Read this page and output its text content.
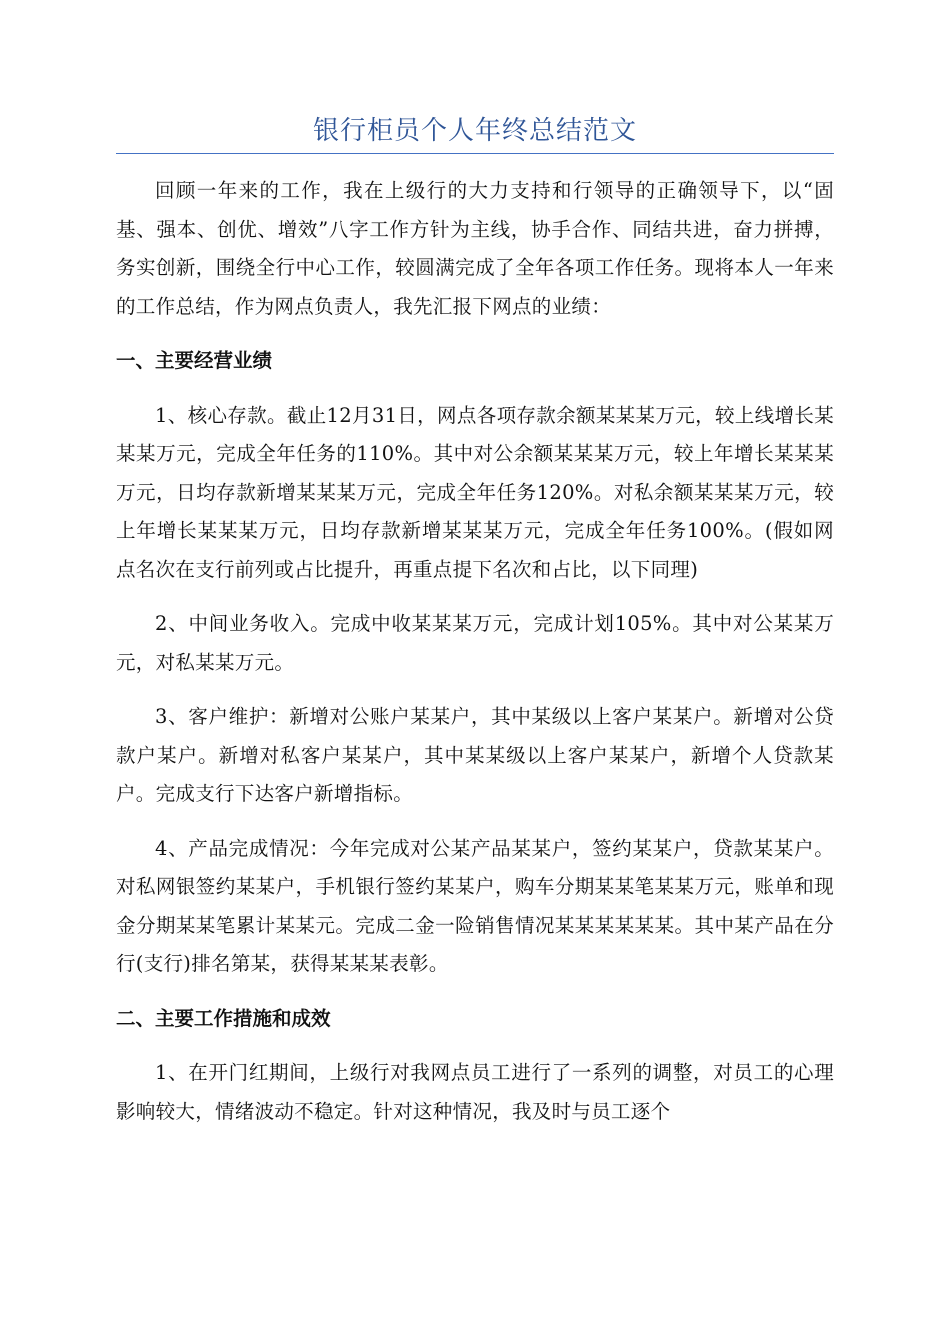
银行柜员个人年终总结范文

回顾一年来的工作，我在上级行的大力支持和行领导的正确领导下，以“固基、强本、创优、增效”八字工作方针为主线，协手合作、同结共进，奋力拼搏，务实创新，围绕全行中心工作，较圆满完成了全年各项工作任务。现将本人一年来的工作总结，作为网点负责人，我先汇报下网点的业绩：

一、主要经营业绩

1、核心存款。截止12月31日，网点各项存款余额某某某万元，较上线增长某某某万元，完成全年任务的110%。其中对公余额某某某万元，较上年增长某某某万元，日均存款新增某某某万元，完成全年任务120%。对私余额某某某万元，较上年增长某某某万元，日均存款新增某某某万元，完成全年任务100%。(假如网点名次在支行前列或占比提升，再重点提下名次和占比，以下同理)

2、中间业务收入。完成中收某某某万元，完成计划105%。其中对公某某万元，对私某某万元。

3、客户维护：新增对公账户某某户，其中某级以上客户某某户。新增对公贷款户某户。新增对私客户某某户，其中某某级以上客户某某户，新增个人贷款某户。完成支行下达客户新增指标。

4、产品完成情况：今年完成对公某产品某某户，签约某某户，贷款某某户。对私网银签约某某户，手机银行签约某某户，购车分期某某笔某某万元，账单和现金分期某某笔累计某某元。完成二金一险销售情况某某某某某某。其中某产品在分行(支行)排名第某，获得某某某表彰。

二、主要工作措施和成效

1、在开门红期间，上级行对我网点员工进行了一系列的调整，对员工的心理影响较大，情绪波动不稳定。针对这种情况，我及时与员工逐个
